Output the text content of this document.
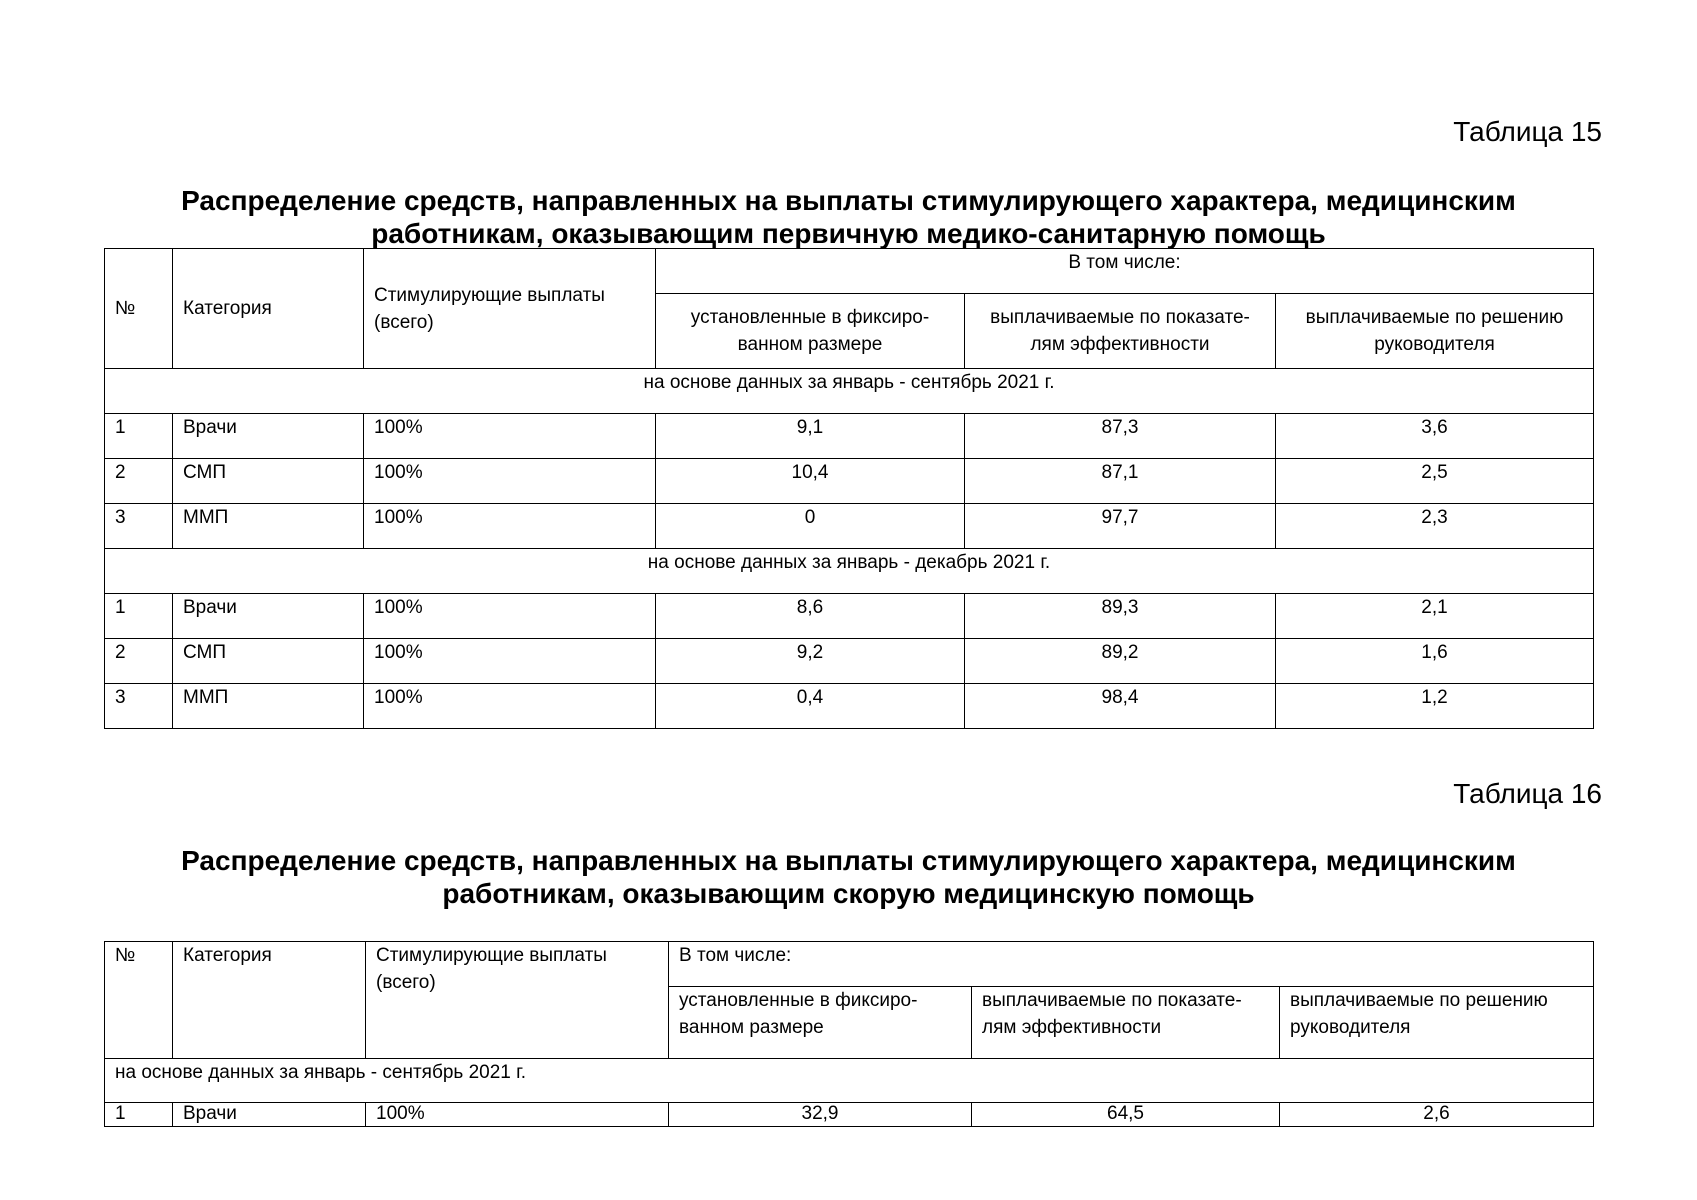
Таблица 15
Распределение средств, направленных на выплаты стимулирующего характера, медицинским
работникам, оказывающим первичную медико-санитарную помощь
№	Категория	Стимулирующие выплаты (всего)	В том числе:		
			установленные в фиксиро-ванном размере	выплачиваемые по показате-лям эффективности	выплачиваемые по решению руководителя
на основе данных за январь - сентябрь 2021 г.					
1	Врачи	100%	9,1	87,3	3,6
2	СМП	100%	10,4	87,1	2,5
3	ММП	100%	0	97,7	2,3
на основе данных за январь - декабрь 2021 г.					
1	Врачи	100%	8,6	89,3	2,1
2	СМП	100%	9,2	89,2	1,6
3	ММП	100%	0,4	98,4	1,2
Таблица 16
Распределение средств, направленных на выплаты стимулирующего характера, медицинским
работникам, оказывающим скорую медицинскую помощь
№	Категория	Стимулирующие выплаты (всего)	В том числе:		
			установленные в фиксиро-ванном размере	выплачиваемые по показате-лям эффективности	выплачиваемые по решению руководителя
на основе данных за январь - сентябрь 2021 г.					
1	Врачи	100%	32,9	64,5	2,6
